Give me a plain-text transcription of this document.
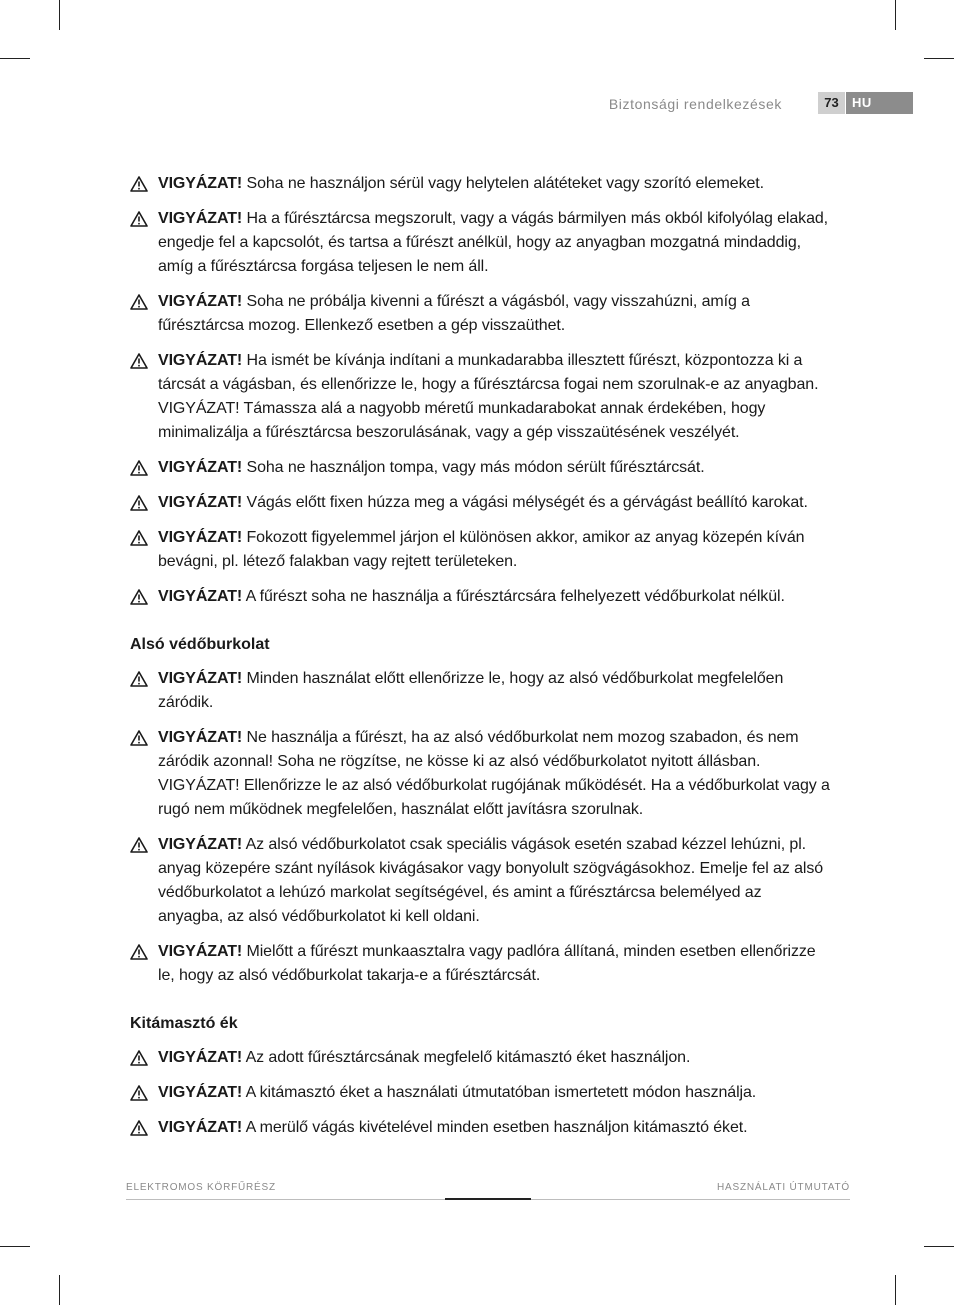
Biztonsági rendelkezések	73	HU
VIGYÁZAT! Soha ne használjon sérül vagy helytelen alátéteket vagy szorító elemeket.
VIGYÁZAT! Ha a fűrésztárcsa megszorult, vagy a vágás bármilyen más okból kifolyólag elakad, engedje fel a kapcsolót, és tartsa a fűrészt anélkül, hogy az anyagban mozgatná mindaddig, amíg a fűrésztárcsa forgása teljesen le nem áll.
VIGYÁZAT! Soha ne próbálja kivenni a fűrészt a vágásból, vagy visszahúzni, amíg a fűrésztárcsa mozog. Ellenkező esetben a gép visszaüthet.
VIGYÁZAT! Ha ismét be kívánja indítani a munkadarabba illesztett fűrészt, központozza ki a tárcsát a vágásban, és ellenőrizze le, hogy a fűrésztárcsa fogai nem szorulnak-e az anyagban. VIGYÁZAT! Támassza alá a nagyobb méretű munkadarabokat annak érdekében, hogy minimalizálja a fűrésztárcsa beszorulásának, vagy a gép visszaütésének veszélyét.
VIGYÁZAT! Soha ne használjon tompa, vagy más módon sérült fűrésztárcsát.
VIGYÁZAT! Vágás előtt fixen húzza meg a vágási mélységét és a gérvágást beállító karokat.
VIGYÁZAT! Fokozott figyelemmel járjon el különösen akkor, amikor az anyag közepén kíván bevágni, pl. létező falakban vagy rejtett területeken.
VIGYÁZAT! A fűrészt soha ne használja a fűrésztárcsára felhelyezett védőburkolat nélkül.
Alsó védőburkolat
VIGYÁZAT! Minden használat előtt ellenőrizze le, hogy az alsó védőburkolat megfelelően záródik.
VIGYÁZAT! Ne használja a fűrészt, ha az alsó védőburkolat nem mozog szabadon, és nem záródik azonnal! Soha ne rögzítse, ne kösse ki az alsó védőburkolatot nyitott állásban. VIGYÁZAT! Ellenőrizze le az alsó védőburkolat rugójának működését. Ha a védőburkolat vagy a rugó nem működnek megfelelően, használat előtt javításra szorulnak.
VIGYÁZAT! Az alsó védőburkolatot csak speciális vágások esetén szabad kézzel lehúzni, pl. anyag közepére szánt nyílások kivágásakor vagy bonyolult szögvágásokhoz. Emelje fel az alsó védőburkolatot a lehúzó markolat segítségével, és amint a fűrésztárcsa belemélyed az anyagba, az alsó védőburkolatot ki kell oldani.
VIGYÁZAT! Mielőtt a fűrészt munkaasztalra vagy padlóra állítaná, minden esetben ellenőrizze le, hogy az alsó védőburkolat takarja-e a fűrésztárcsát.
Kitámasztó ék
VIGYÁZAT! Az adott fűrésztárcsának megfelelő kitámasztó éket használjon.
VIGYÁZAT! A kitámasztó éket a használati útmutatóban ismertetett módon használja.
VIGYÁZAT! A merülő vágás kivételével minden esetben használjon kitámasztó éket.
ELEKTROMOS KÖRFŰRÉSZ	HASZNÁLATI ÚTMUTATÓ
